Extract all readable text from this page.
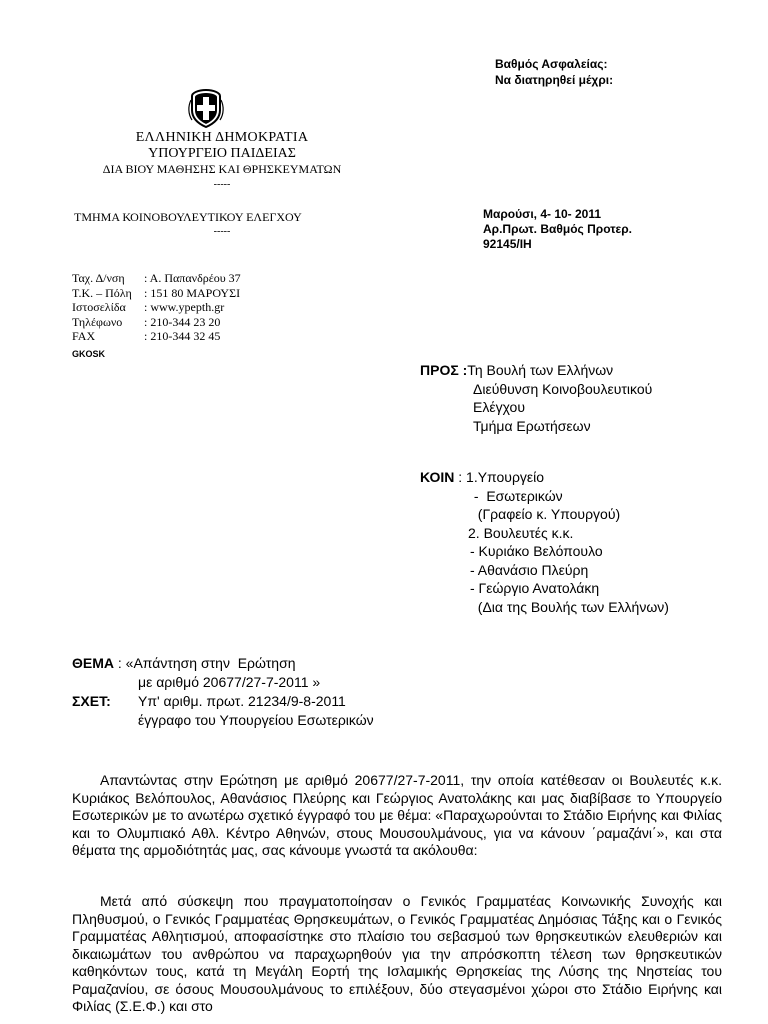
Βαθμός Ασφαλείας:
Να διατηρηθεί μέχρι:
ΕΛΛΗΝΙΚΗ ΔΗΜΟΚΡΑΤΙΑ
ΥΠΟΥΡΓΕΙΟ ΠΑΙΔΕΙΑΣ
ΔΙΑ ΒΙΟΥ ΜΑΘΗΣΗΣ ΚΑΙ ΘΡΗΣΚΕΥΜΑΤΩΝ
-----
ΤΜΗΜΑ ΚΟΙΝΟΒΟΥΛΕΥΤΙΚΟΥ ΕΛΕΓΧΟΥ
-----
Μαρούσι, 4- 10- 2011
Αρ.Πρωτ. Βαθμός Προτερ.
92145/ΙΗ
Ταχ. Δ/νση : Α. Παπανδρέου 37
Τ.Κ. – Πόλη : 151 80 ΜΑΡΟΥΣΙ
Ιστοσελίδα : www.ypepth.gr
Τηλέφωνο : 210-344 23 20
FAX	: 210-344 32 45
GKOSK
ΠΡΟΣ :Τη Βουλή των Ελλήνων
Διεύθυνση Κοινοβουλευτικού
Ελέγχου
Τμήμα Ερωτήσεων
ΚΟΙΝ : 1.Υπουργείο
-  Εσωτερικών
(Γραφείο κ. Υπουργού)
2. Βουλευτές κ.κ.
- Κυριάκο Βελόπουλο
- Αθανάσιο Πλεύρη
- Γεώργιο Ανατολάκη
(Δια της Βουλής των Ελλήνων)
ΘΕΜΑ : «Απάντηση στην  Ερώτηση
με αριθμό 20677/27-7-2011 »
ΣΧΕΤ: Υπ' αριθμ. πρωτ. 21234/9-8-2011
έγγραφο του Υπουργείου Εσωτερικών
Απαντώντας στην Ερώτηση με αριθμό 20677/27-7-2011, την οποία κατέθεσαν οι Βουλευτές κ.κ. Κυριάκος Βελόπουλος, Αθανάσιος Πλεύρης και Γεώργιος Ανατολάκης και μας διαβίβασε το Υπουργείο Εσωτερικών με το ανωτέρω σχετικό έγγραφό του με θέμα: «Παραχωρούνται το Στάδιο Ειρήνης και Φιλίας και το Ολυμπιακό Αθλ. Κέντρο Αθηνών, στους Μουσουλμάνους, για να κάνουν ΄ραμαζάνι΄», και στα θέματα της αρμοδιότητάς μας, σας κάνουμε γνωστά τα ακόλουθα:
Μετά από σύσκεψη που πραγματοποίησαν ο Γενικός Γραμματέας Κοινωνικής Συνοχής και Πληθυσμού, ο Γενικός Γραμματέας Θρησκευμάτων, ο Γενικός Γραμματέας Δημόσιας Τάξης και ο Γενικός Γραμματέας Αθλητισμού, αποφασίστηκε στο πλαίσιο του σεβασμού των θρησκευτικών ελευθεριών και δικαιωμάτων του ανθρώπου να παραχωρηθούν για την απρόσκοπτη τέλεση των θρησκευτικών καθηκόντων τους, κατά τη Μεγάλη Εορτή της Ισλαμικής Θρησκείας της Λύσης της Νηστείας του Ραμαζανίου, σε όσους Μουσουλμάνους το επιλέξουν, δύο στεγασμένοι χώροι στο Στάδιο Ειρήνης και Φιλίας (Σ.Ε.Φ.) και στο
